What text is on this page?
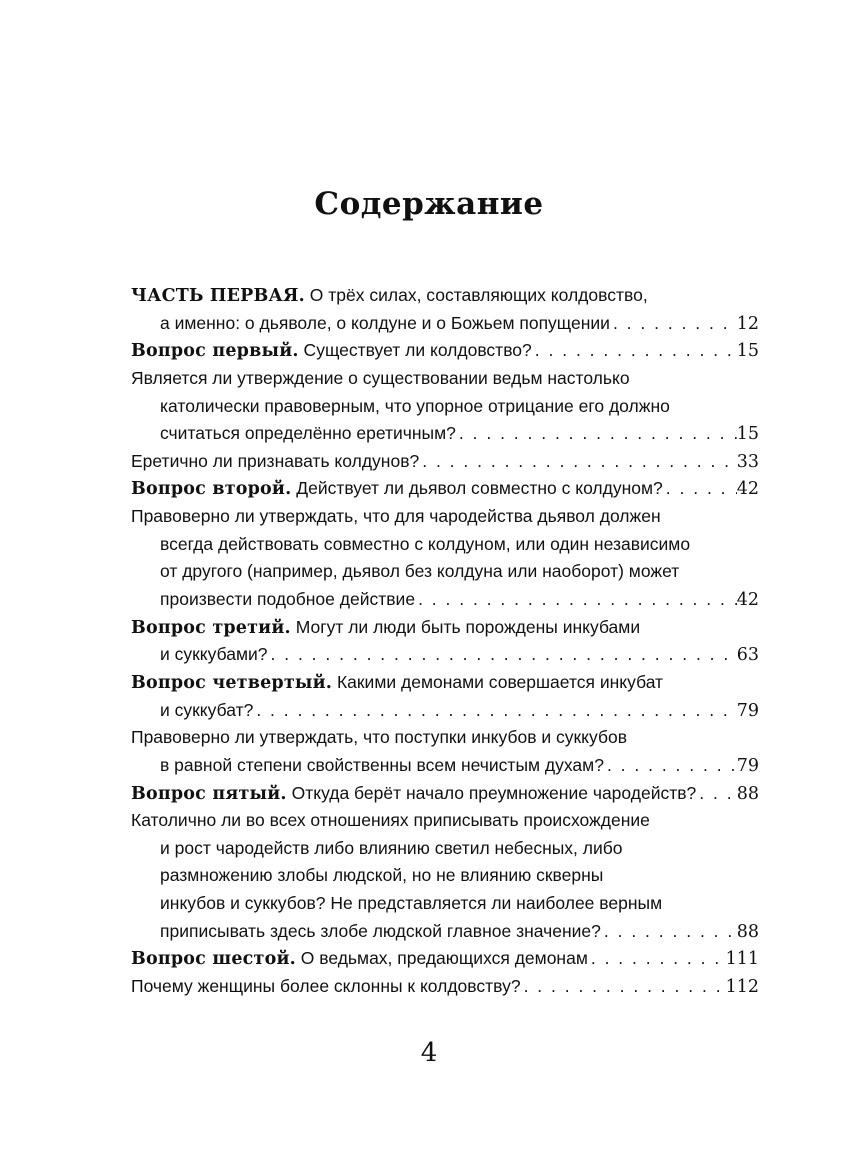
Содержание
ЧАСТЬ ПЕРВАЯ. О трёх силах, составляющих колдовство,
а именно: о дьяволе, о колдуне и о Божьем попущении . . .	12
Вопрос первый. Существует ли колдовство? . . .	15
Является ли утверждение о существовании ведьм настолько
католически правоверным, что упорное отрицание его должно
считаться определённо еретичным? . . .	15
Еретично ли признавать колдунов? . . .	33
Вопрос второй. Действует ли дьявол совместно с колдуном? . . .	42
Правоверно ли утверждать, что для чародейства дьявол должен
всегда действовать совместно с колдуном, или один независимо
от другого (например, дьявол без колдуна или наоборот) может
произвести подобное действие . . .	42
Вопрос третий. Могут ли люди быть порождены инкубами
и суккубами? . . .	63
Вопрос четвертый. Какими демонами совершается инкубат
и суккубат? . . .	79
Правоверно ли утверждать, что поступки инкубов и суккубов
в равной степени свойственны всем нечистым духам? . . .	79
Вопрос пятый. Откуда берёт начало преумножение чародейств? . . . 88
Католично ли во всех отношениях приписывать происхождение
и рост чародейств либо влиянию светил небесных, либо
размножению злобы людской, но не влиянию скверны
инкубов и суккубов? Не представляется ли наиболее верным
приписывать здесь злобе людской главное значение? . . .	88
Вопрос шестой. О ведьмах, предающихся демонам . . .	111
Почему женщины более склонны к колдовству? . . .	112
4
